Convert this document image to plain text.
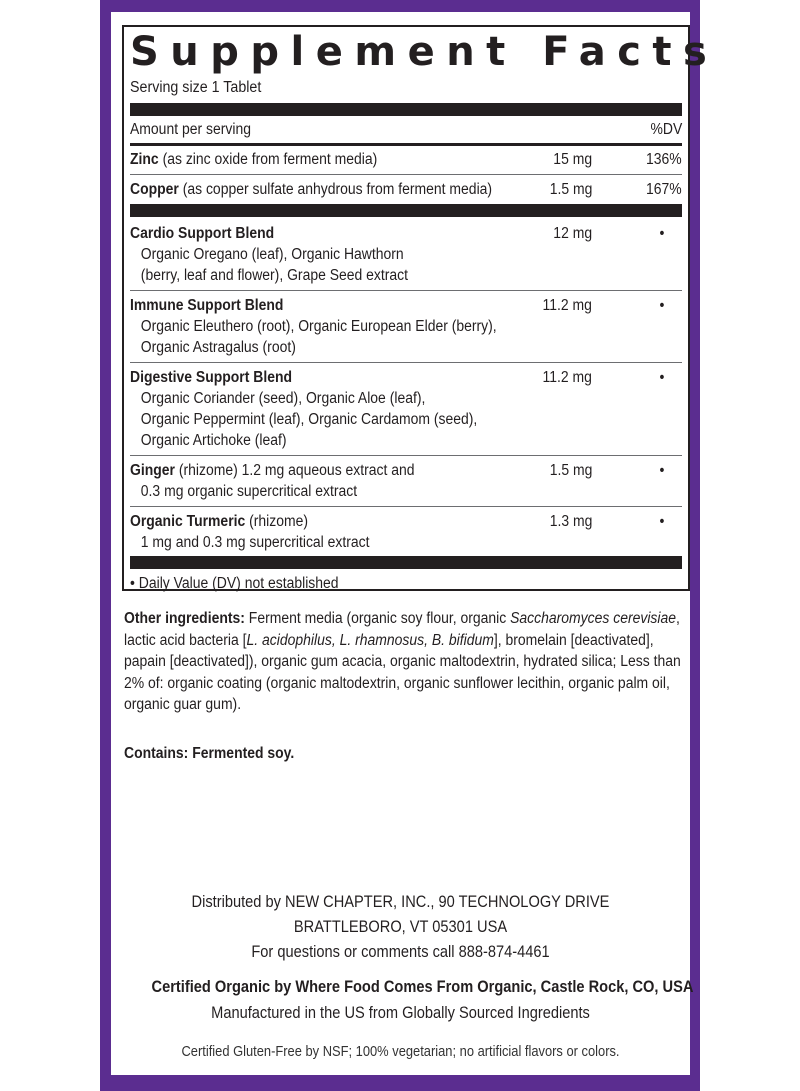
Supplement Facts
Serving size 1 Tablet
Amount per serving	%DV
Zinc (as zinc oxide from ferment media)	15 mg	136%
Copper (as copper sulfate anhydrous from ferment media)	1.5 mg	167%
Cardio Support Blend	12 mg	•
Organic Oregano (leaf), Organic Hawthorn
(berry, leaf and flower), Grape Seed extract
Immune Support Blend	11.2 mg	•
Organic Eleuthero (root), Organic European Elder (berry),
Organic Astragalus (root)
Digestive Support Blend	11.2 mg	•
Organic Coriander (seed), Organic Aloe (leaf),
Organic Peppermint (leaf), Organic Cardamom (seed),
Organic Artichoke (leaf)
Ginger (rhizome) 1.2 mg aqueous extract and	1.5 mg	•
0.3 mg organic supercritical extract
Organic Turmeric (rhizome)	1.3 mg	•
1 mg and 0.3 mg supercritical extract
• Daily Value (DV) not established

Other ingredients: Ferment media (organic soy flour, organic Saccharomyces cerevisiae, lactic acid bacteria [L. acidophilus, L. rhamnosus, B. bifidum], bromelain [deactivated], papain [deactivated]), organic gum acacia, organic maltodextrin, hydrated silica; Less than 2% of: organic coating (organic maltodextrin, organic sunflower lecithin, organic palm oil, organic guar gum).

Contains: Fermented soy.
Distributed by NEW CHAPTER, INC., 90 TECHNOLOGY DRIVE
BRATTLEBORO, VT 05301 USA
For questions or comments call 888-874-4461
Certified Organic by Where Food Comes From Organic, Castle Rock, CO, USA
Manufactured in the US from Globally Sourced Ingredients
Certified Gluten-Free by NSF; 100% vegetarian; no artificial flavors or colors.
